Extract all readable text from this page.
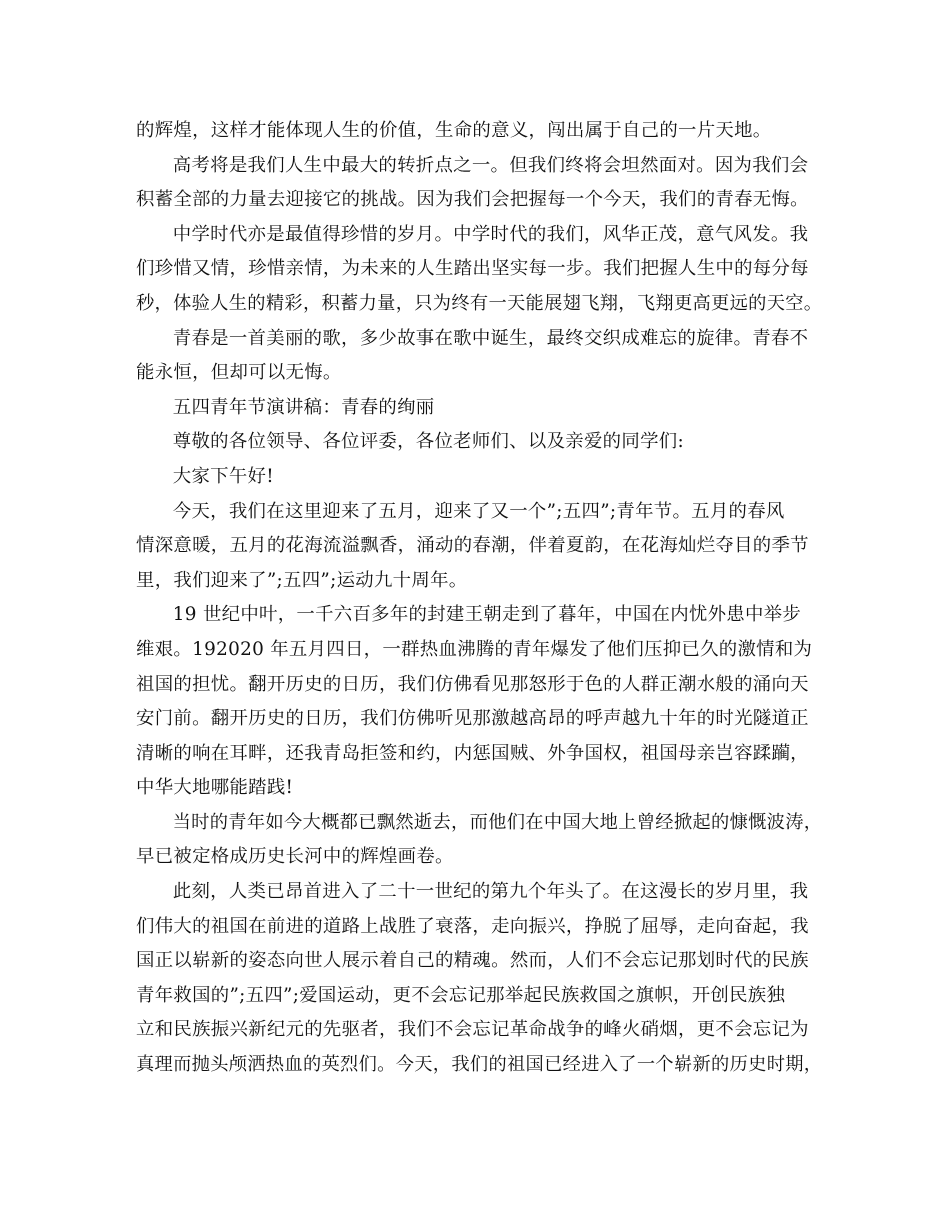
的辉煌，这样才能体现人生的价值，生命的意义，闯出属于自己的一片天地。
高考将是我们人生中最大的转折点之一。但我们终将会坦然面对。因为我们会
积蓄全部的力量去迎接它的挑战。因为我们会把握每一个今天，我们的青春无悔。
中学时代亦是最值得珍惜的岁月。中学时代的我们，风华正茂，意气风发。我
们珍惜又情，珍惜亲情，为未来的人生踏出坚实每一步。我们把握人生中的每分每
秒，体验人生的精彩，积蓄力量，只为终有一天能展翅飞翔，飞翔更高更远的天空。
青春是一首美丽的歌，多少故事在歌中诞生，最终交织成难忘的旋律。青春不
能永恒，但却可以无悔。
五四青年节演讲稿：青春的绚丽
尊敬的各位领导、各位评委，各位老师们、以及亲爱的同学们:
大家下午好!
今天，我们在这里迎来了五月，迎来了又一个”;五四”;青年节。五月的春风
情深意暖，五月的花海流溢飘香，涌动的春潮，伴着夏韵，在花海灿烂夺目的季节
里，我们迎来了”;五四”;运动九十周年。
19 世纪中叶，一千六百多年的封建王朝走到了暮年，中国在内忧外患中举步
维艰。192020 年五月四日，一群热血沸腾的青年爆发了他们压抑已久的激情和为
祖国的担忧。翻开历史的日历，我们仿佛看见那怒形于色的人群正潮水般的涌向天
安门前。翻开历史的日历，我们仿佛听见那激越高昂的呼声越九十年的时光隧道正
清晰的响在耳畔，还我青岛拒签和约，内惩国贼、外争国权，祖国母亲岂容蹂躏，
中华大地哪能踏践!
当时的青年如今大概都已飘然逝去，而他们在中国大地上曾经掀起的慷慨波涛，
早已被定格成历史长河中的辉煌画卷。
此刻，人类已昂首进入了二十一世纪的第九个年头了。在这漫长的岁月里，我
们伟大的祖国在前进的道路上战胜了衰落，走向振兴，挣脱了屈辱，走向奋起，我
国正以崭新的姿态向世人展示着自己的精魂。然而，人们不会忘记那划时代的民族
青年救国的”;五四”;爱国运动，更不会忘记那举起民族救国之旗帜，开创民族独
立和民族振兴新纪元的先驱者，我们不会忘记革命战争的峰火硝烟，更不会忘记为
真理而抛头颅洒热血的英烈们。今天，我们的祖国已经进入了一个崭新的历史时期，
